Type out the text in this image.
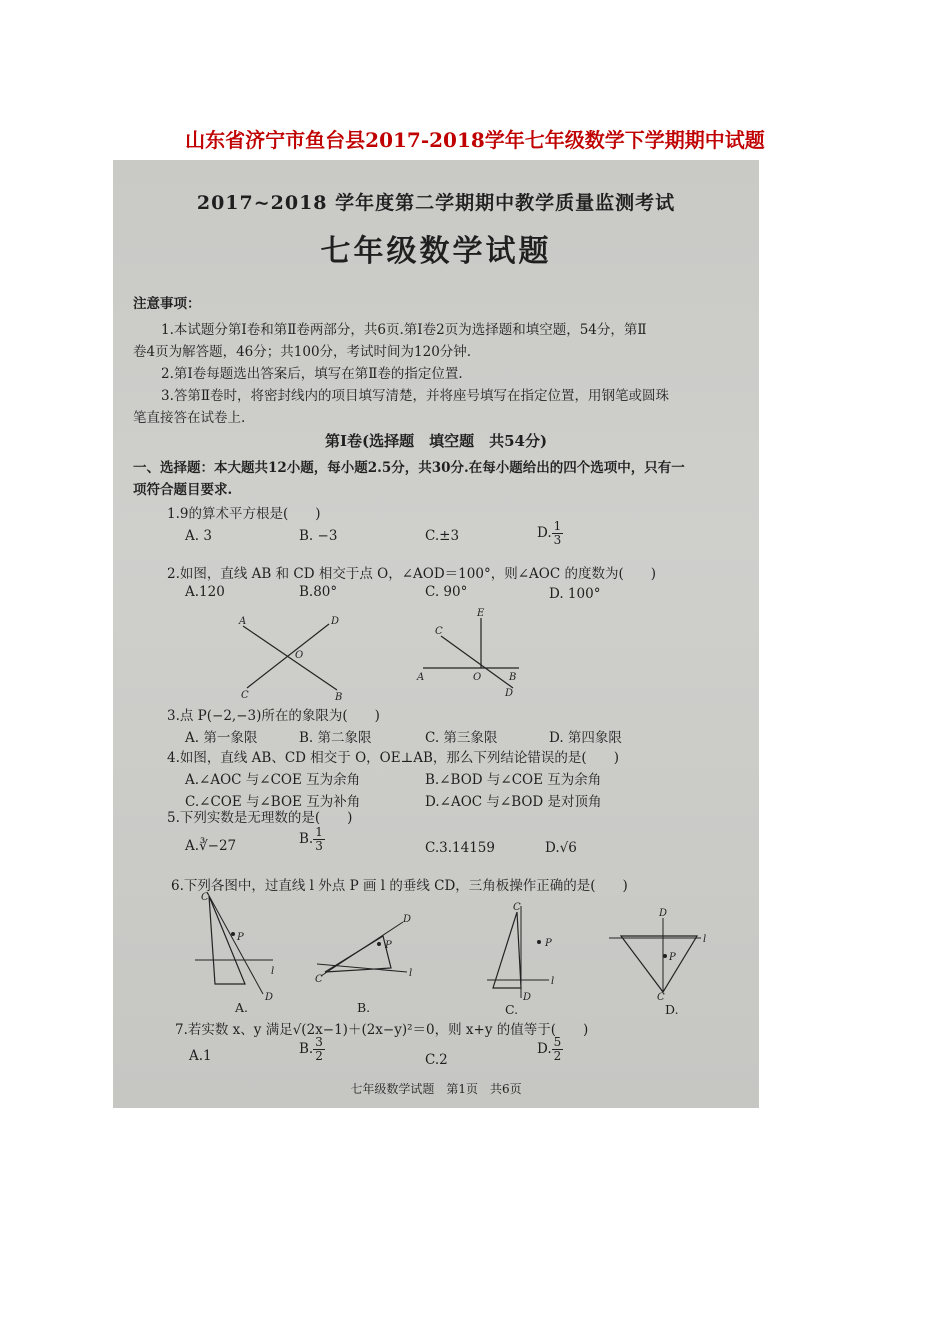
山东省济宁市鱼台县2017-2018学年七年级数学下学期期中试题
2017~2018 学年度第二学期期中教学质量监测考试
七年级数学试题
注意事项：
1.本试题分第Ⅰ卷和第Ⅱ卷两部分，共6页.第Ⅰ卷2页为选择题和填空题，54分，第Ⅱ
卷4页为解答题，46分；共100分，考试时间为120分钟.
2.第Ⅰ卷每题选出答案后，填写在第Ⅱ卷的指定位置.
3.答第Ⅱ卷时，将密封线内的项目填写清楚，并将座号填写在指定位置，用钢笔或圆珠
笔直接答在试卷上.
第Ⅰ卷(选择题　填空题　共54分)
一、选择题：本大题共12小题，每小题2.5分，共30分.在每小题给出的四个选项中，只有一
项符合题目要求.
1.9的算术平方根是(　　)
A. 3	B. −3	C.±3	D. $\frac{1}{3}$
2.如图，直线 AB 和 CD 相交于点 O，∠AOD＝100°，则∠AOC 的度数为(　　)
A.120	B.80°	C. 90°	D. 100°
A	D
O
C	B
E
C
A	O	B
D
3.点 P(−2,−3)所在的象限为(　　)
A. 第一象限	B. 第二象限	C. 第三象限	D. 第四象限
4.如图，直线 AB、CD 相交于 O，OE⊥AB，那么下列结论错误的是(　　)
A.∠AOC 与∠COE 互为余角	B.∠BOD 与∠COE 互为余角
C.∠COE 与∠BOE 互为补角	D.∠AOC 与∠BOD 是对顶角
5.下列实数是无理数的是(　　)
A.∛−27	B. $\frac{1}{3}$	C.3.14159	D.√6
6.下列各图中，过直线 l 外点 P 画 l 的垂线 CD，三角板操作正确的是(　　)
C
P
l
D
A.
C
P
D
l
B.
C
P
l
D
C.
D
P
l
C
D.
7.若实数 x、y 满足√(2x−1)＋(2x−y)²＝0，则 x+y 的值等于(　　)
A.1	B. $\frac{3}{2}$	C.2
D. $\frac{5}{2}$
七年级数学试题　第1页　共6页
